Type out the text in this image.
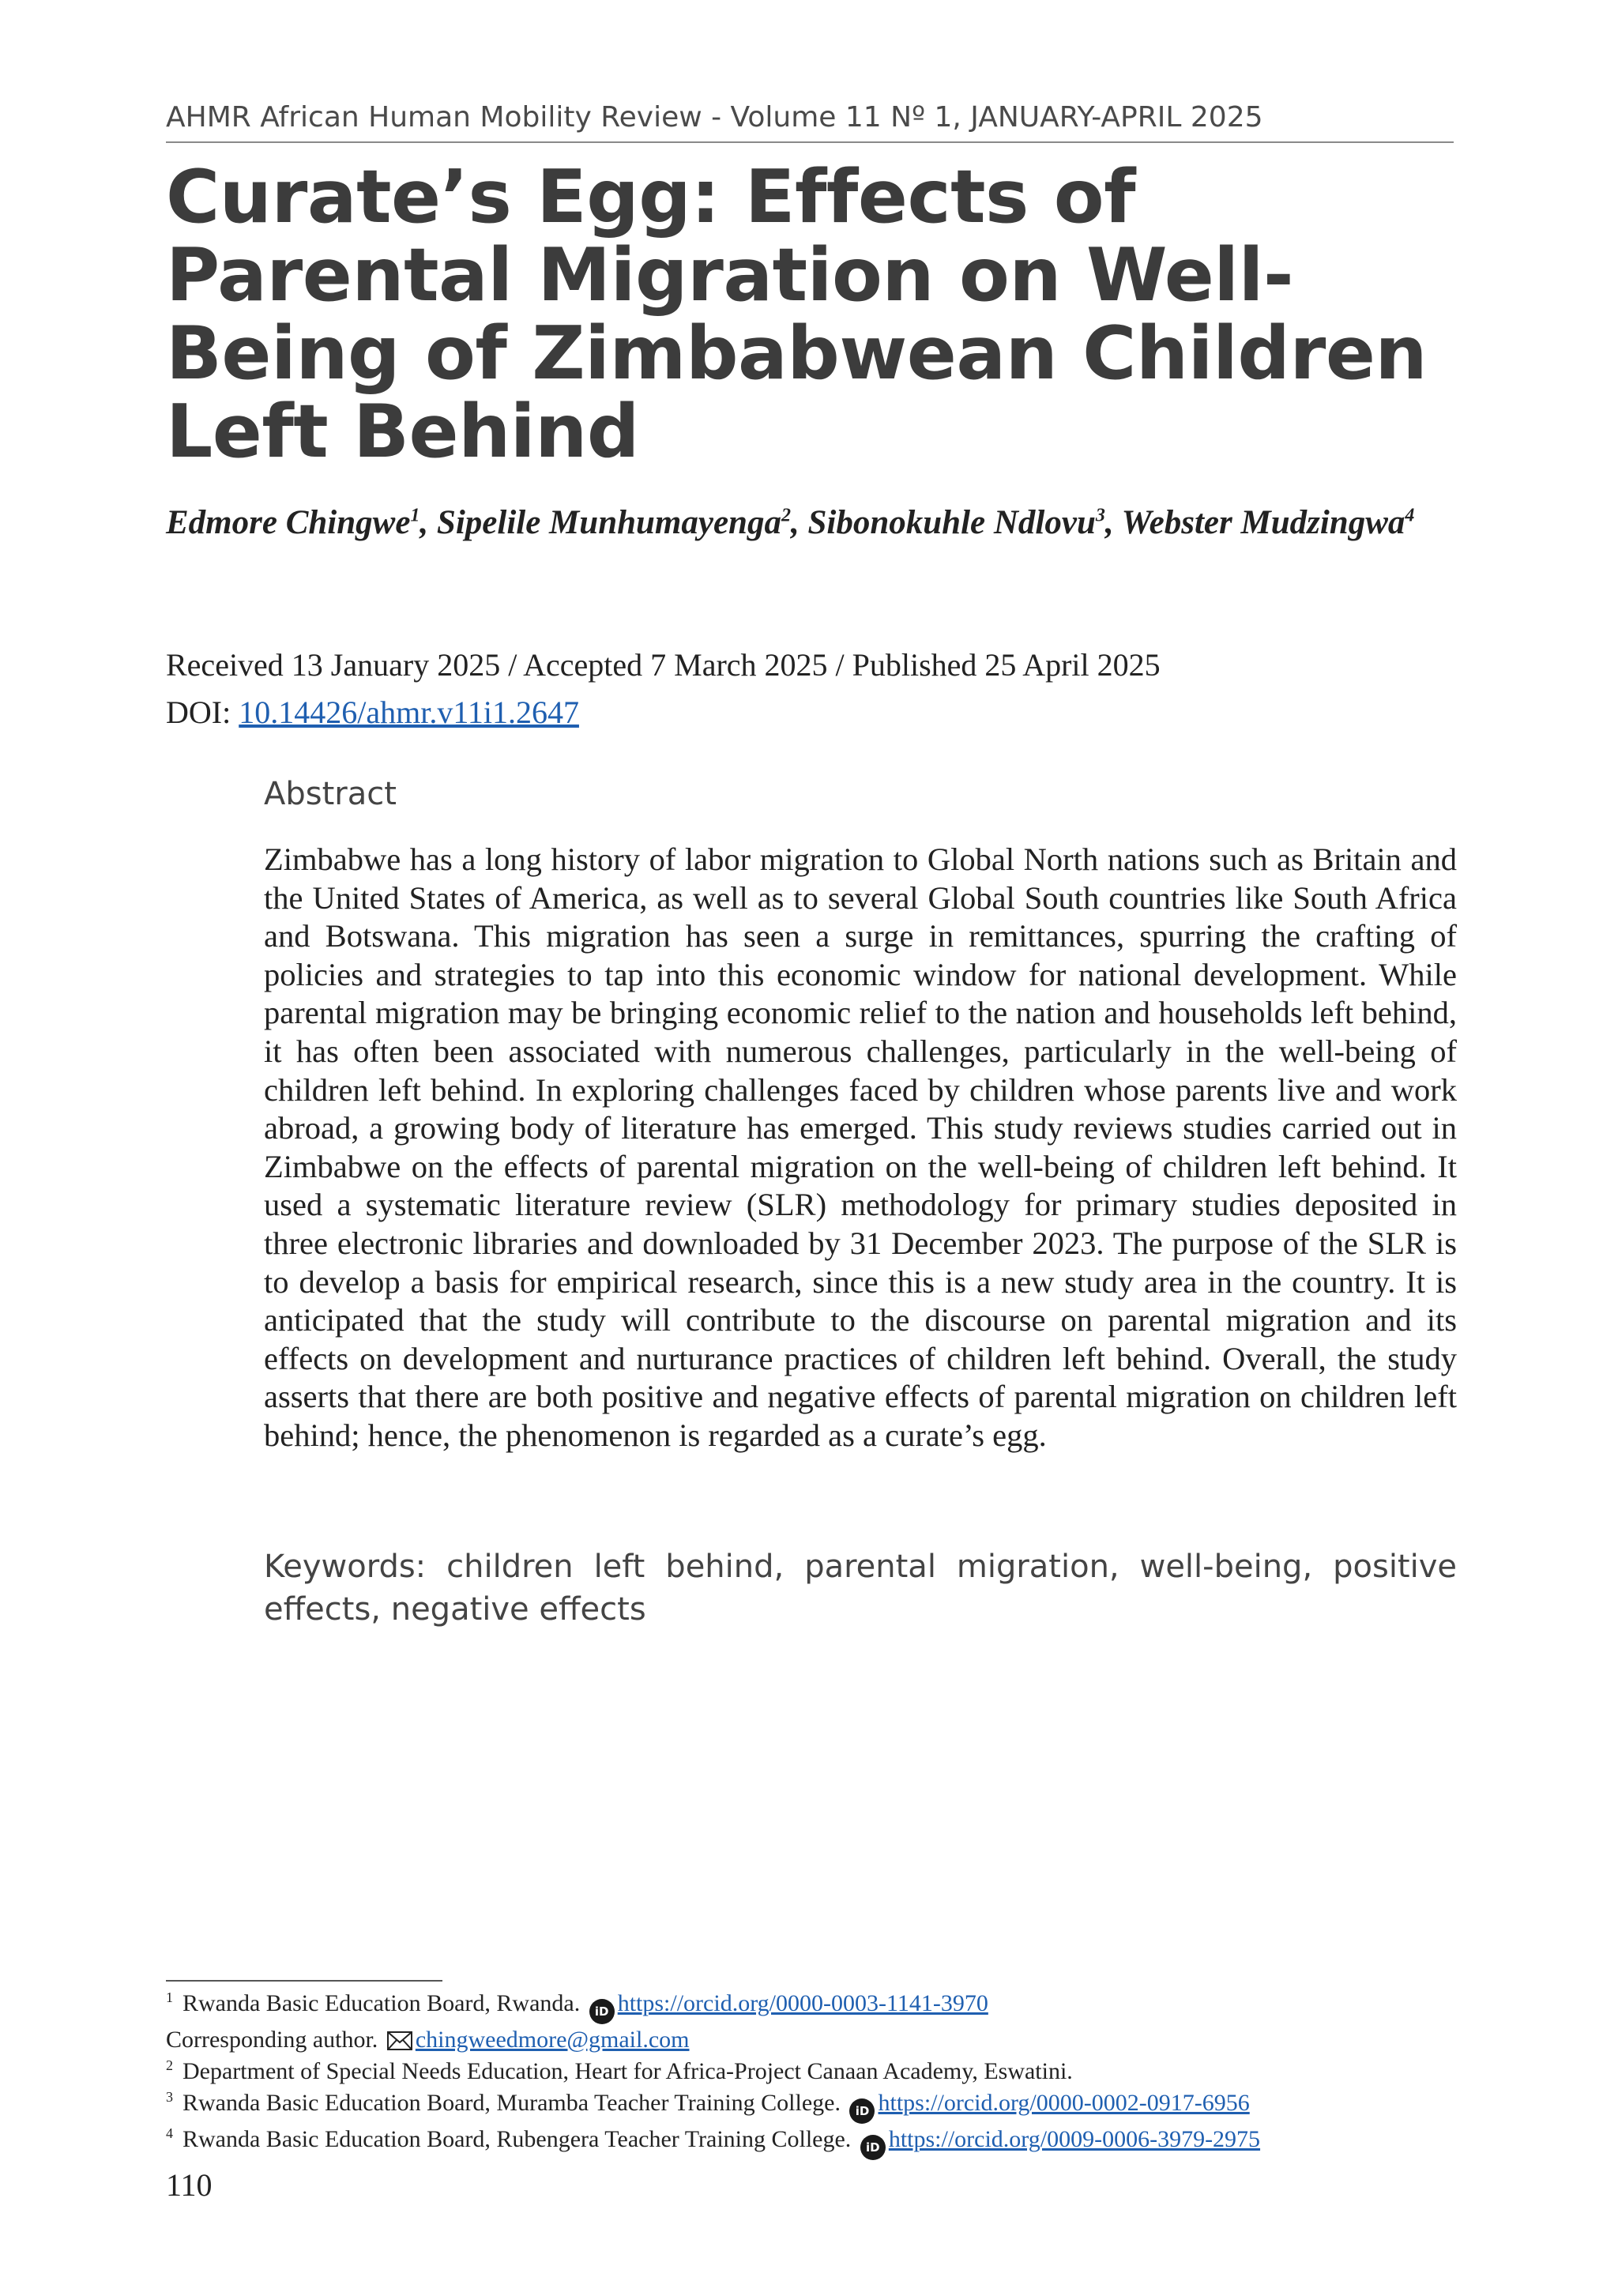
AHMR African Human Mobility Review - Volume 11 Nº 1, JANUARY-APRIL 2025
Curate’s Egg: Effects of Parental Migration on Well-Being of Zimbabwean Children Left Behind
Edmore Chingwe$^1$, Sipelile Munhumayenga$^2$, Sibonokuhle Ndlovu$^3$, Webster Mudzingwa$^4$
Received 13 January 2025 / Accepted 7 March 2025 / Published 25 April 2025
DOI: 10.14426/ahmr.v11i1.2647
Abstract

Zimbabwe has a long history of labor migration to Global North nations such as Britain and the United States of America, as well as to several Global South countries like South Africa and Botswana. This migration has seen a surge in remittances, spurring the crafting of policies and strategies to tap into this economic window for national development. While parental migration may be bringing economic relief to the nation and households left behind, it has often been associated with numerous challenges, particularly in the well-being of children left behind. In exploring challenges faced by children whose parents live and work abroad, a growing body of literature has emerged. This study reviews studies carried out in Zimbabwe on the effects of parental migration on the well-being of children left behind. It used a systematic literature review (SLR) methodology for primary studies deposited in three electronic libraries and downloaded by 31 December 2023. The purpose of the SLR is to develop a basis for empirical research, since this is a new study area in the country. It is anticipated that the study will contribute to the discourse on parental migration and its effects on development and nurturance practices of children left behind. Overall, the study asserts that there are both positive and negative effects of parental migration on children left behind; hence, the phenomenon is regarded as a curate’s egg.

Keywords: children left behind, parental migration, well-being, positive effects, negative effects
$^1$ Rwanda Basic Education Board, Rwanda. iD https://orcid.org/0000-0003-1141-3970
Corresponding author. chingweedmore@gmail.com
$^2$ Department of Special Needs Education, Heart for Africa-Project Canaan Academy, Eswatini.
$^3$ Rwanda Basic Education Board, Muramba Teacher Training College. iD https://orcid.org/0000-0002-0917-6956
$^4$ Rwanda Basic Education Board, Rubengera Teacher Training College. iD https://orcid.org/0009-0006-3979-2975
110
